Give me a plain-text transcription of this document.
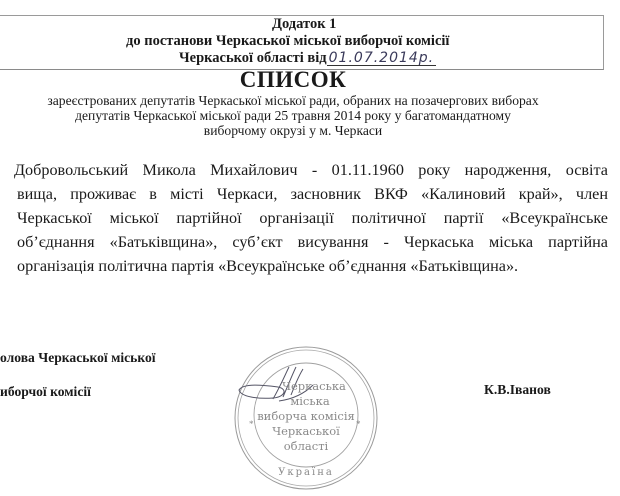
Додаток 1
до постанови Черкаської міської виборчої комісії
Черкаської області від 01.07.2014р.
СПИСОК
зареєстрованих депутатів Черкаської міської ради, обраних на позачергових виборах
депутатів Черкаської міської ради 25 травня 2014 року у багатомандатному
виборчому окрузі у м. Черкаси
Добровольський Микола Михайлович - 01.11.1960 року народження, освіта
вища, проживає в місті Черкаси, засновник ВКФ «Калиновий край», член
Черкаської міської партійної організації політичної партії «Всеукраїнське
об’єднання «Батьківщина», суб’єкт висування - Черкаська міська партійна
організація політична партія «Всеукраїнське об’єднання «Батьківщина».
олова Черкаської міської
иборчої комісії	К.В.Іванов
Черкаська
міська
виборча комісія
Черкаської
області
Україна
*	*
